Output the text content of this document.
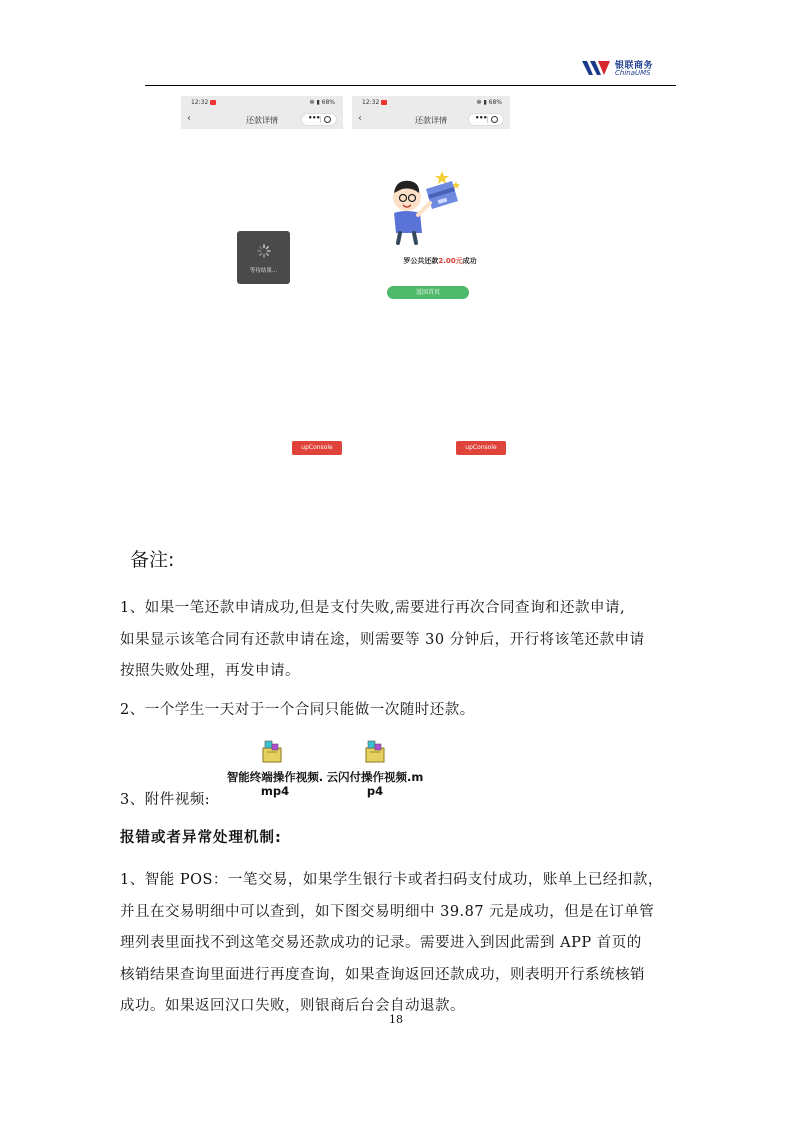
银联商务
ChinaUMS
12:32	✻ ▮ 68%
‹	还款详情	•••
等待结果...
upConsole
12:32	✻ ▮ 68%
‹	还款详情	•••
罗公共还款2.00元成功
返回首页
upConsole
备注:
1、如果一笔还款申请成功,但是支付失败,需要进行再次合同查询和还款申请,
如果显示该笔合同有还款申请在途，则需要等 30 分钟后，开行将该笔还款申请
按照失败处理，再发申请。
2、一个学生一天对于一个合同只能做一次随时还款。
智能终端操作视频.
mp4
云闪付操作视频.m
p4
3、附件视频:
报错或者异常处理机制:
1、智能 POS：一笔交易，如果学生银行卡或者扫码支付成功，账单上已经扣款，
并且在交易明细中可以查到，如下图交易明细中 39.87 元是成功，但是在订单管
理列表里面找不到这笔交易还款成功的记录。需要进入到因此需到 APP 首页的
核销结果查询里面进行再度查询，如果查询返回还款成功，则表明开行系统核销
成功。如果返回汉口失败，则银商后台会自动退款。
18
